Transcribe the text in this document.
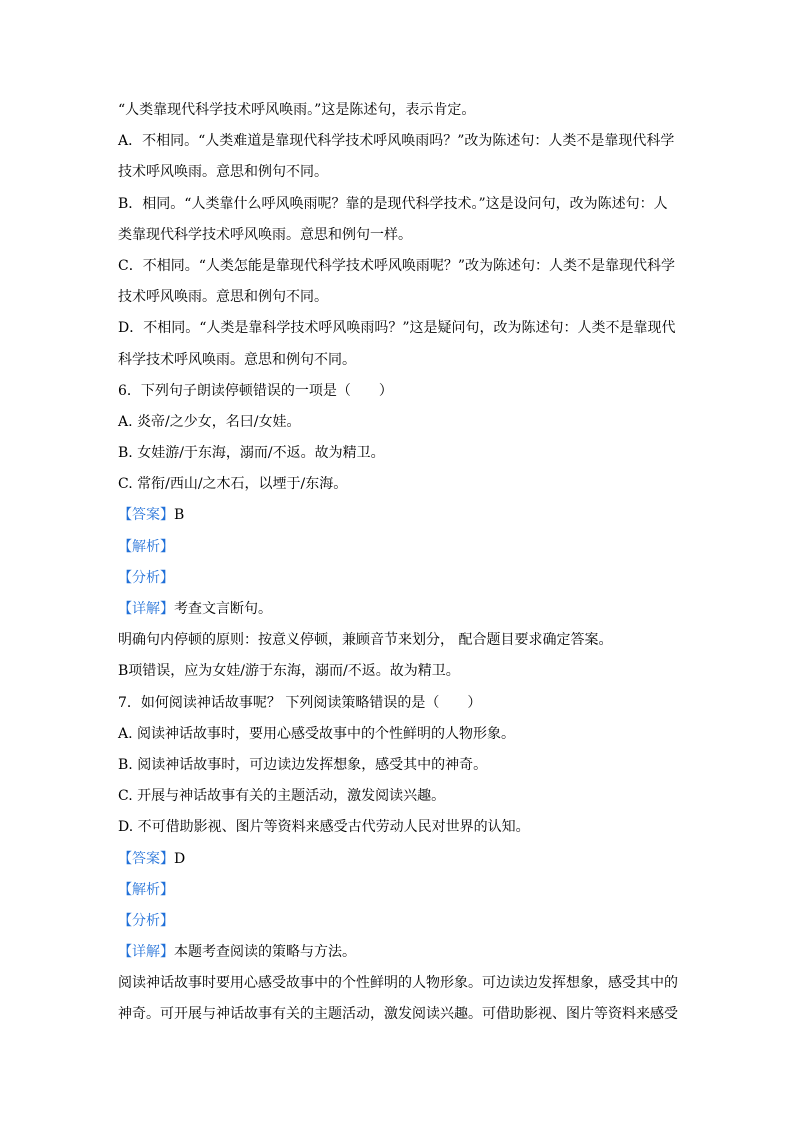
“人类靠现代科学技术呼风唤雨。”这是陈述句，表示肯定。
A．不相同。“人类难道是靠现代科学技术呼风唤雨吗？”改为陈述句：人类不是靠现代科学
技术呼风唤雨。意思和例句不同。
B．相同。“人类靠什么呼风唤雨呢？靠的是现代科学技术。”这是设问句，改为陈述句：人
类靠现代科学技术呼风唤雨。意思和例句一样。
C．不相同。“人类怎能是靠现代科学技术呼风唤雨呢？”改为陈述句：人类不是靠现代科学
技术呼风唤雨。意思和例句不同。
D．不相同。“人类是靠科学技术呼风唤雨吗？”这是疑问句，改为陈述句：人类不是靠现代
科学技术呼风唤雨。意思和例句不同。
6．下列句子朗读停顿错误的一项是（　　）
A. 炎帝/之少女，名曰/女娃。
B. 女娃游/于东海，溺而/不返。故为精卫。
C. 常衔/西山/之木石，以堙于/东海。
【答案】B
【解析】
【分析】
【详解】考查文言断句。
明确句内停顿的原则：按意义停顿，兼顾音节来划分， 配合题目要求确定答案。
B项错误，应为女娃/游于东海，溺而/不返。故为精卫。
7．如何阅读神话故事呢？ 下列阅读策略错误的是（　　）
A. 阅读神话故事时，要用心感受故事中的个性鲜明的人物形象。
B. 阅读神话故事时，可边读边发挥想象，感受其中的神奇。
C. 开展与神话故事有关的主题活动，激发阅读兴趣。
D. 不可借助影视、图片等资料来感受古代劳动人民对世界的认知。
【答案】D
【解析】
【分析】
【详解】本题考查阅读的策略与方法。
阅读神话故事时要用心感受故事中的个性鲜明的人物形象。可边读边发挥想象，感受其中的
神奇。可开展与神话故事有关的主题活动，激发阅读兴趣。可借助影视、图片等资料来感受
